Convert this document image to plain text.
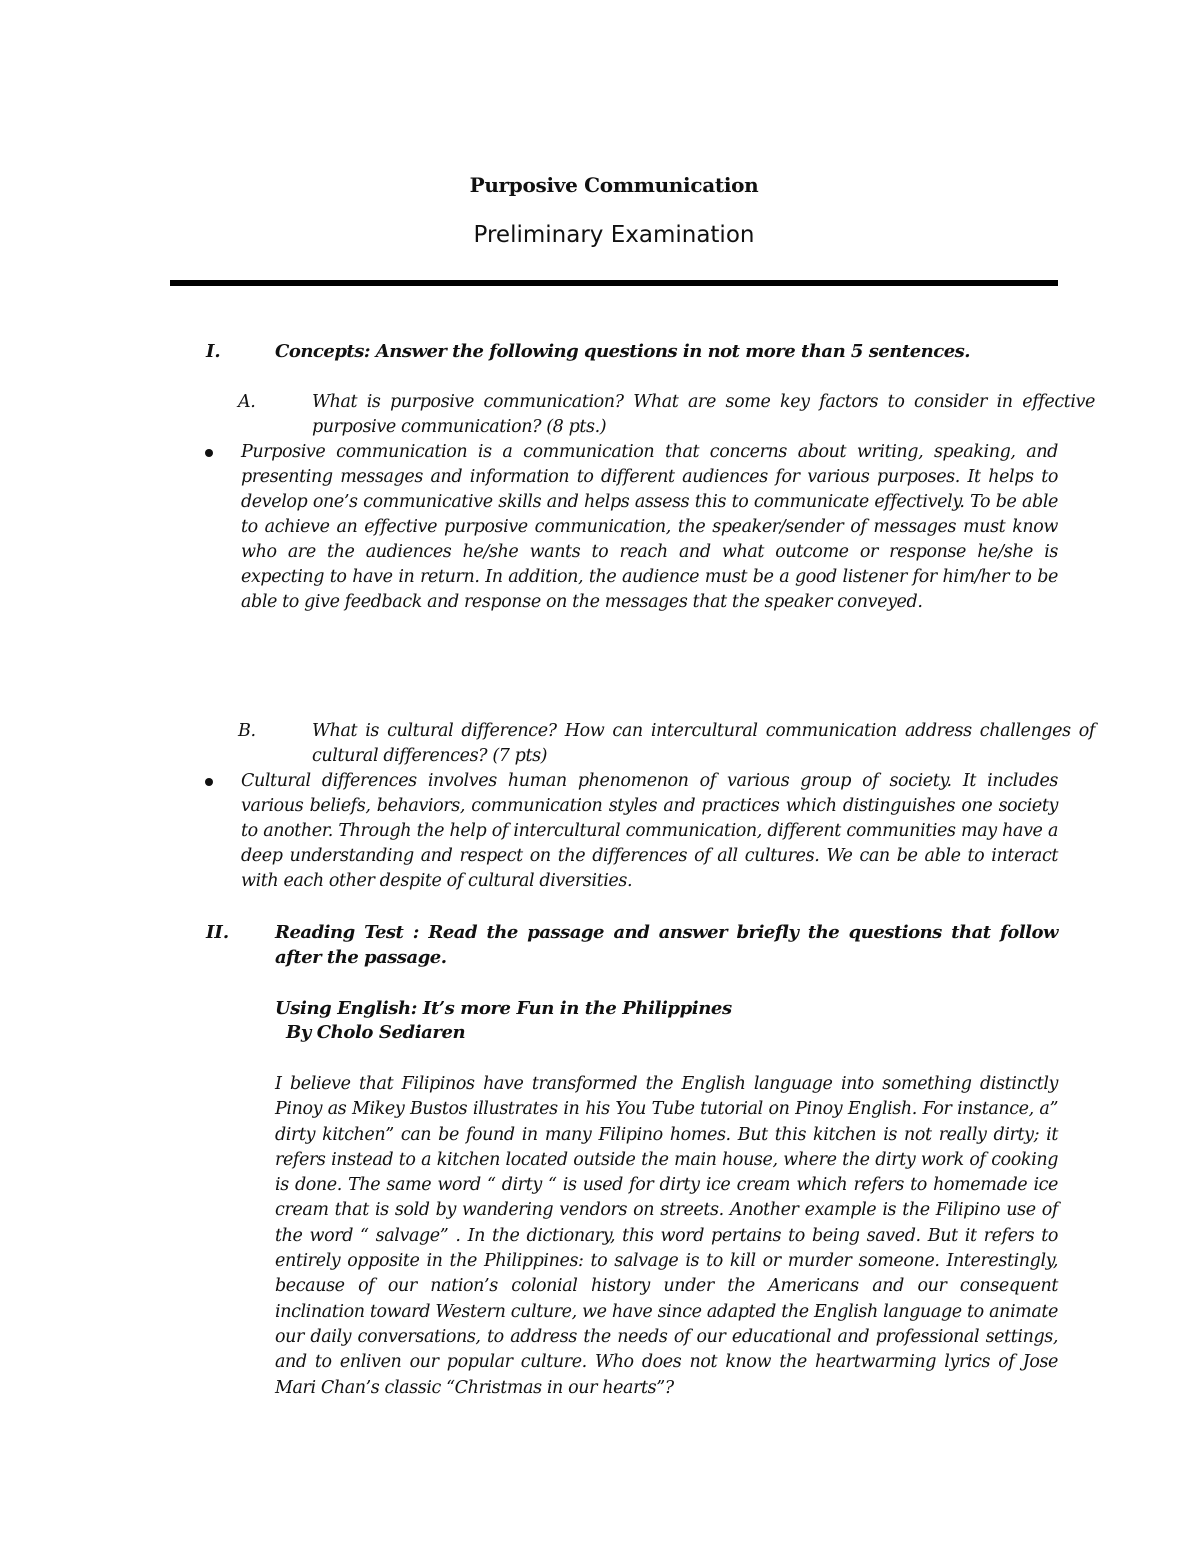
Purposive Communication
Preliminary Examination
I.	Concepts: Answer the following questions in not more than 5 sentences.
A.	What is purposive communication? What are some key factors to consider in effective purposive communication? (8 pts.)
Purposive communication is a communication that concerns about writing, speaking, and presenting messages and information to different audiences for various purposes. It helps to develop one’s communicative skills and helps assess this to communicate effectively. To be able to achieve an effective purposive communication, the speaker/sender of messages must know who are the audiences he/she wants to reach and what outcome or response he/she is expecting to have in return. In addition, the audience must be a good listener for him/her to be able to give feedback and response on the messages that the speaker conveyed.
B.	What is cultural difference? How can intercultural communication address challenges of cultural differences? (7 pts)
Cultural differences involves human phenomenon of various group of society. It includes various beliefs, behaviors, communication styles and practices which distinguishes one society to another. Through the help of intercultural communication, different communities may have a deep understanding and respect on the differences of all cultures. We can be able to interact with each other despite of cultural diversities.
II.	Reading Test : Read the passage and answer briefly the questions that follow after the passage.
Using English: It’s more Fun in the Philippines
By Cholo Sediaren
I believe that Filipinos have transformed the English language into something distinctly Pinoy as Mikey Bustos illustrates in his You Tube tutorial on Pinoy English. For instance, a” dirty kitchen” can be found in many Filipino homes. But this kitchen is not really dirty; it refers instead to a kitchen located outside the main house, where the dirty work of cooking is done. The same word “ dirty “ is used for dirty ice cream which refers to homemade ice cream that is sold by wandering vendors on streets. Another example is the Filipino use of the word “ salvage” . In the dictionary, this word pertains to being saved. But it refers to entirely opposite in the Philippines: to salvage is to kill or murder someone. Interestingly, because of our nation’s colonial history under the Americans and our consequent inclination toward Western culture, we have since adapted the English language to animate our daily conversations, to address the needs of our educational and professional settings, and to enliven our popular culture. Who does not know the heartwarming lyrics of Jose Mari Chan’s classic “Christmas in our hearts”?
